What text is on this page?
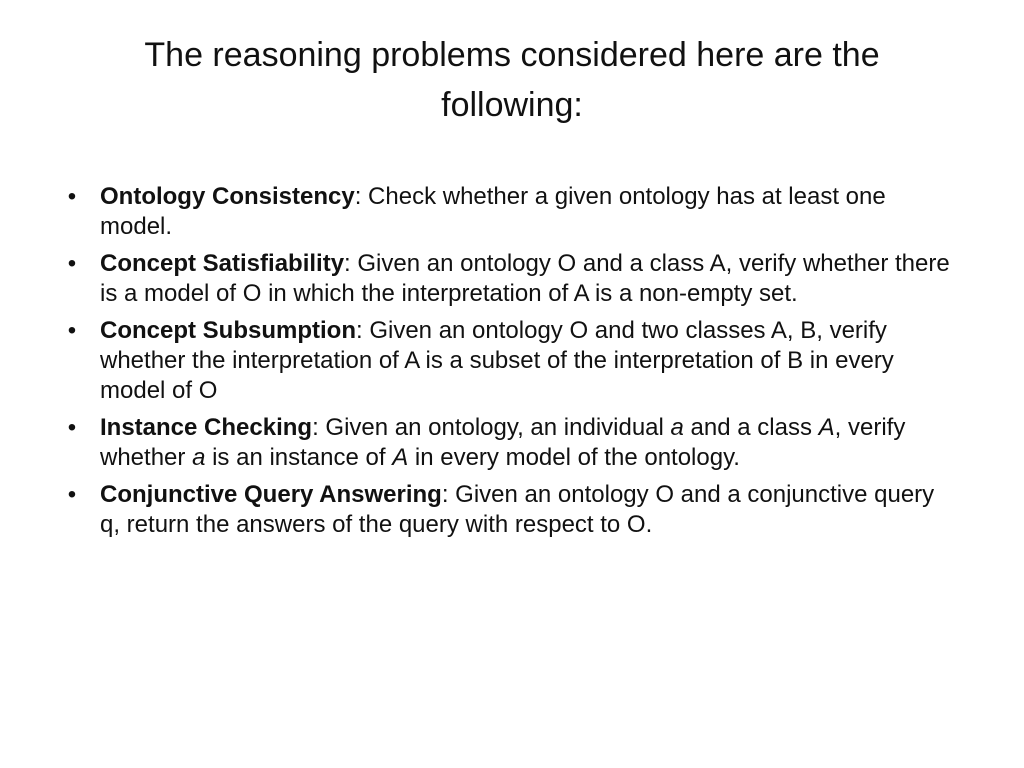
The reasoning problems considered here are the following:
• Ontology Consistency: Check whether a given ontology has at least one model.
• Concept Satisfiability: Given an ontology O and a class A, verify whether there is a model of O in which the interpretation of A is a non-empty set.
• Concept Subsumption: Given an ontology O and two classes A, B, verify whether the interpretation of A is a subset of the interpretation of B in every model of O
• Instance Checking: Given an ontology, an individual a and a class A, verify whether a is an instance of A in every model of the ontology.
• Conjunctive Query Answering: Given an ontology O and a conjunctive query q, return the answers of the query with respect to O.
